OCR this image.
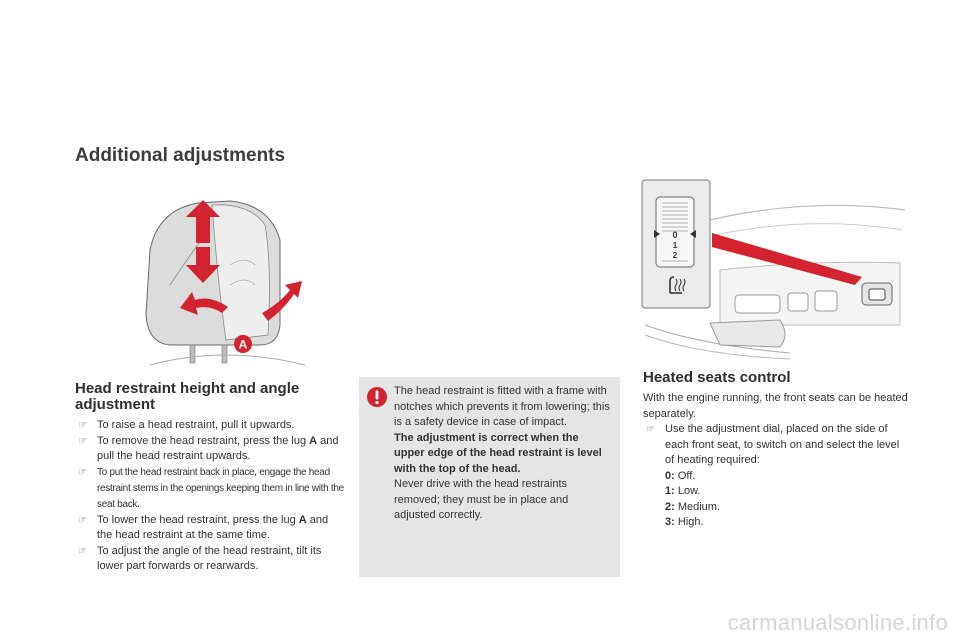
Additional adjustments
A
Head restraint height and angle adjustment
☞ To raise a head restraint, pull it upwards.
☞ To remove the head restraint, press the lug A and pull the head restraint upwards.
☞ To put the head restraint back in place, engage the head restraint stems in the openings keeping them in line with the seat back.
☞ To lower the head restraint, press the lug A and the head restraint at the same time.
☞ To adjust the angle of the head restraint, tilt its lower part forwards or rearwards.

The head restraint is fitted with a frame with notches which prevents it from lowering; this is a safety device in case of impact.

The adjustment is correct when the upper edge of the head restraint is level with the top of the head.

Never drive with the head restraints removed; they must be in place and adjusted correctly.

0
1
2
Heated seats control

With the engine running, the front seats can be heated separately.

☞ Use the adjustment dial, placed on the side of each front seat, to switch on and select the level of heating required:
0: Off.
1: Low.
2: Medium.
3: High.
carmanualsonline.info
